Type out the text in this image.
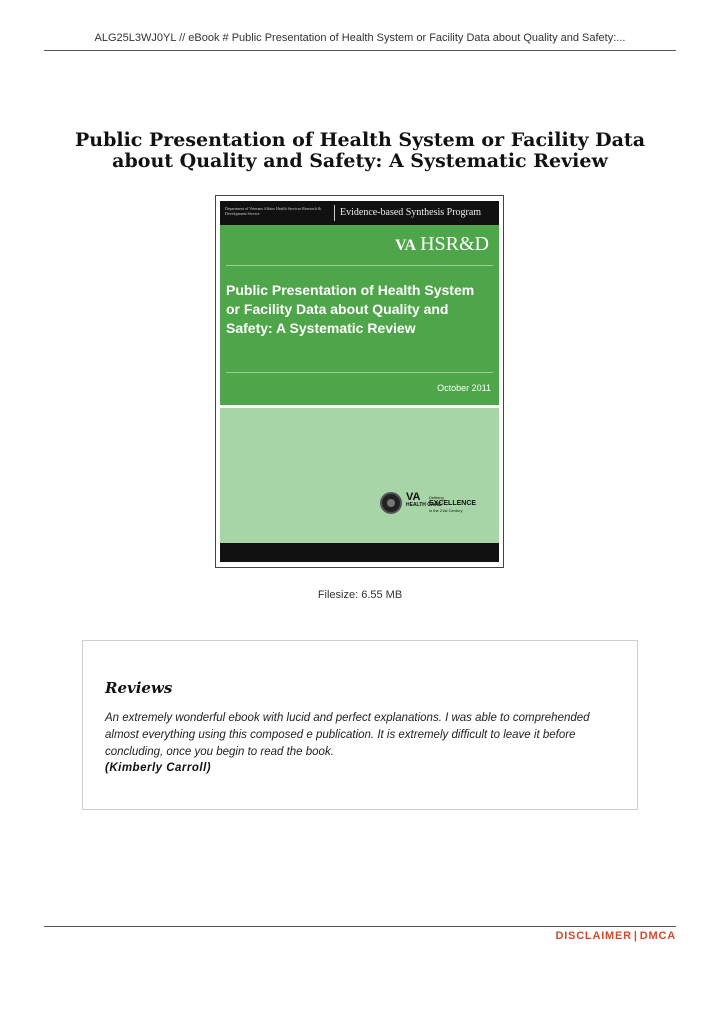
ALG25L3WJ0YL // eBook # Public Presentation of Health System or Facility Data about Quality and Safety:...
Public Presentation of Health System or Facility Data about Quality and Safety: A Systematic Review
Department of Veterans Affairs Health Services Research & Development Service	Evidence-based Synthesis Program
VA HSR&D
Public Presentation of Health System or Facility Data about Quality and Safety: A Systematic Review
October 2011
VA
HEALTH CARE
Defining
EXCELLENCE
in the 21st Century
Filesize: 6.55 MB
Reviews

An extremely wonderful ebook with lucid and perfect explanations. I was able to comprehended almost everything using this composed e publication. It is extremely difficult to leave it before concluding, once you begin to read the book.

(Kimberly Carroll)

DISCLAIMER | DMCA
